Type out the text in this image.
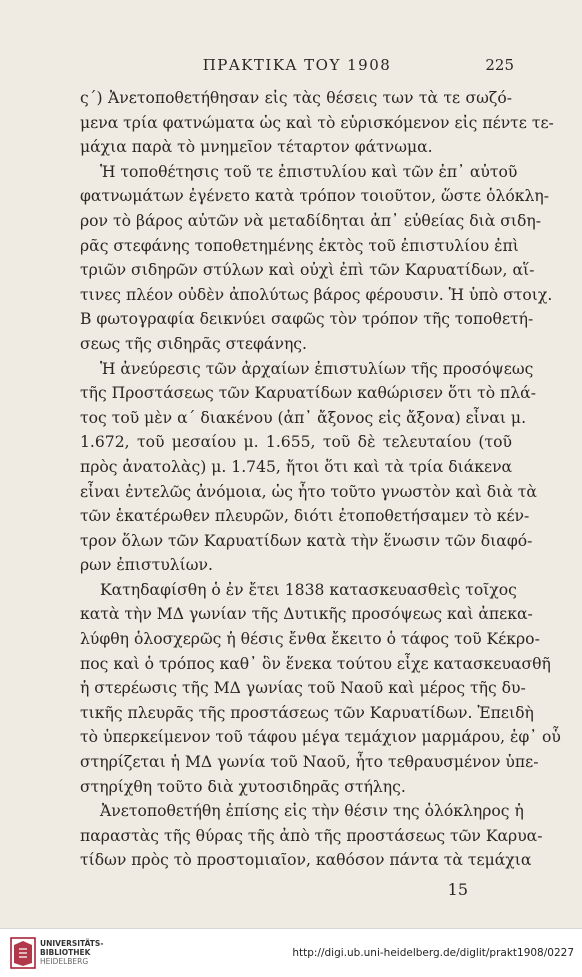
ΠΡΑΚΤΙΚΑ ΤΟΥ 1908	225
ς΄) Ἀνετοποθετήθησαν εἰς τὰς θέσεις των τὰ τε σωζό-
μενα τρία φατνώματα ὡς καὶ τὸ εὑρισκόμενον εἰς πέντε τε-
μάχια παρὰ τὸ μνημεῖον τέταρτον φάτνωμα.
Ἡ τοποθέτησις τοῦ τε ἐπιστυλίου καὶ τῶν ἐπ᾽ αὐτοῦ
φατνωμάτων ἐγένετο κατὰ τρόπον τοιοῦτον, ὥστε ὁλόκλη-
ρον τὸ βάρος αὐτῶν νὰ μεταδίδηται ἀπ᾽ εὐθείας διὰ σιδη-
ρᾶς στεφάνης τοποθετημένης ἐκτὸς τοῦ ἐπιστυλίου ἐπὶ
τριῶν σιδηρῶν στύλων καὶ οὐχὶ ἐπὶ τῶν Καρυατίδων, αἵ-
τινες πλέον οὐδὲν ἀπολύτως βάρος φέρουσιν. Ἡ ὑπὸ στοιχ.
Β φωτογραφία δεικνύει σαφῶς τὸν τρόπον τῆς τοποθετή-
σεως τῆς σιδηρᾶς στεφάνης.
Ἡ ἀνεύρεσις τῶν ἀρχαίων ἐπιστυλίων τῆς προσόψεως
τῆς Προστάσεως τῶν Καρυατίδων καθώρισεν ὅτι τὸ πλά-
τος τοῦ μὲν α΄ διακένου (ἀπ᾽ ἄξονος εἰς ἄξονα) εἶναι μ.
1.672, τοῦ μεσαίου μ. 1.655, τοῦ δὲ τελευταίου (τοῦ
πρὸς ἀνατολὰς) μ. 1.745, ἤτοι ὅτι καὶ τὰ τρία διάκενα
εἶναι ἐντελῶς ἀνόμοια, ὡς ἦτο τοῦτο γνωστὸν καὶ διὰ τὰ
τῶν ἑκατέρωθεν πλευρῶν, διότι ἐτοποθετήσαμεν τὸ κέν-
τρον ὅλων τῶν Καρυατίδων κατὰ τὴν ἕνωσιν τῶν διαφό-
ρων ἐπιστυλίων.
Κατηδαφίσθη ὁ ἐν ἔτει 1838 κατασκευασθεὶς τοῖχος
κατὰ τὴν ΜΔ γωνίαν τῆς Δυτικῆς προσόψεως καὶ ἀπεκα-
λύφθη ὁλοσχερῶς ἡ θέσις ἔνθα ἔκειτο ὁ τάφος τοῦ Κέκρο-
πος καὶ ὁ τρόπος καθ᾽ ὃν ἕνεκα τούτου εἶχε κατασκευασθῆ
ἡ στερέωσις τῆς ΜΔ γωνίας τοῦ Ναοῦ καὶ μέρος τῆς δυ-
τικῆς πλευρᾶς τῆς προστάσεως τῶν Καρυατίδων. Ἐπειδὴ
τὸ ὑπερκείμενον τοῦ τάφου μέγα τεμάχιον μαρμάρου, ἐφ᾽ οὗ
στηρίζεται ἡ ΜΔ γωνία τοῦ Ναοῦ, ἦτο τεθραυσμένον ὑπε-
στηρίχθη τοῦτο διὰ χυτοσιδηρᾶς στήλης.
Ἀνετοποθετήθη ἐπίσης εἰς τὴν θέσιν της ὁλόκληρος ἡ
παραστὰς τῆς θύρας τῆς ἀπὸ τῆς προστάσεως τῶν Καρυα-
τίδων πρὸς τὸ προστομιαῖον, καθόσον πάντα τὰ τεμάχια
15
UNIVERSITÄTS-
BIBLIOTHEK
HEIDELBERG
http://digi.ub.uni-heidelberg.de/diglit/prakt1908/0227
